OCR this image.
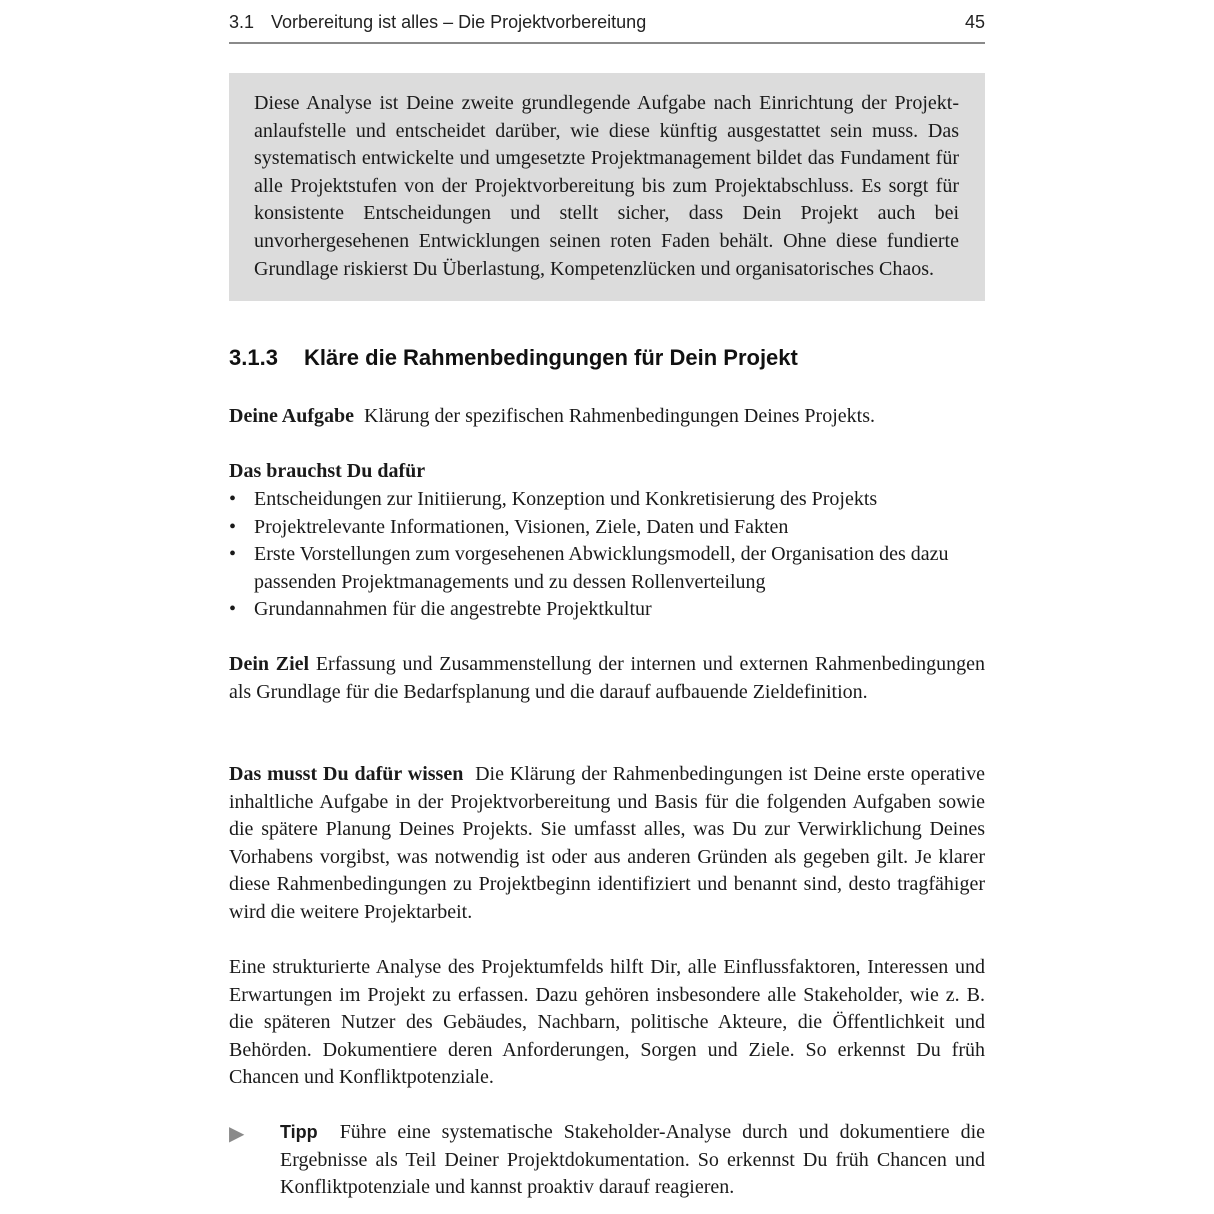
3.1 Vorbereitung ist alles – Die Projektvorbereitung	45

Diese Analyse ist Deine zweite grundlegende Aufgabe nach Einrichtung der Projektanlaufstelle und entscheidet darüber, wie diese künftig ausgestattet sein muss. Das systematisch entwickelte und umgesetzte Projektmanagement bildet das Fundament für alle Projektstufen von der Projektvorbereitung bis zum Projektabschluss. Es sorgt für konsistente Entscheidungen und stellt sicher, dass Dein Projekt auch bei unvorhergesehenen Entwicklungen seinen roten Faden behält. Ohne diese fundierte Grundlage riskierst Du Überlastung, Kompetenzlücken und organisatorisches Chaos.

3.1.3 Kläre die Rahmenbedingungen für Dein Projekt

Deine Aufgabe Klärung der spezifischen Rahmenbedingungen Deines Projekts.

Das brauchst Du dafür

• Entscheidungen zur Initiierung, Konzeption und Konkretisierung des Projekts
• Projektrelevante Informationen, Visionen, Ziele, Daten und Fakten
• Erste Vorstellungen zum vorgesehenen Abwicklungsmodell, der Organisation des dazu passenden Projektmanagements und zu dessen Rollenverteilung
• Grundannahmen für die angestrebte Projektkultur

Dein Ziel Erfassung und Zusammenstellung der internen und externen Rahmenbedingungen als Grundlage für die Bedarfsplanung und die darauf aufbauende Zieldefinition.

Das musst Du dafür wissen Die Klärung der Rahmenbedingungen ist Deine erste operative inhaltliche Aufgabe in der Projektvorbereitung und Basis für die folgenden Aufgaben sowie die spätere Planung Deines Projekts. Sie umfasst alles, was Du zur Verwirklichung Deines Vorhabens vorgibst, was notwendig ist oder aus anderen Gründen als gegeben gilt. Je klarer diese Rahmenbedingungen zu Projektbeginn identifiziert und benannt sind, desto tragfähiger wird die weitere Projektarbeit.

Eine strukturierte Analyse des Projektumfelds hilft Dir, alle Einflussfaktoren, Interessen und Erwartungen im Projekt zu erfassen. Dazu gehören insbesondere alle Stakeholder, wie z. B. die späteren Nutzer des Gebäudes, Nachbarn, politische Akteure, die Öffentlichkeit und Behörden. Dokumentiere deren Anforderungen, Sorgen und Ziele. So erkennst Du früh Chancen und Konfliktpotenziale.

▶ Tipp Führe eine systematische Stakeholder-Analyse durch und dokumentiere die Ergebnisse als Teil Deiner Projektdokumentation. So erkennst Du früh Chancen und Konfliktpotenziale und kannst proaktiv darauf reagieren.
